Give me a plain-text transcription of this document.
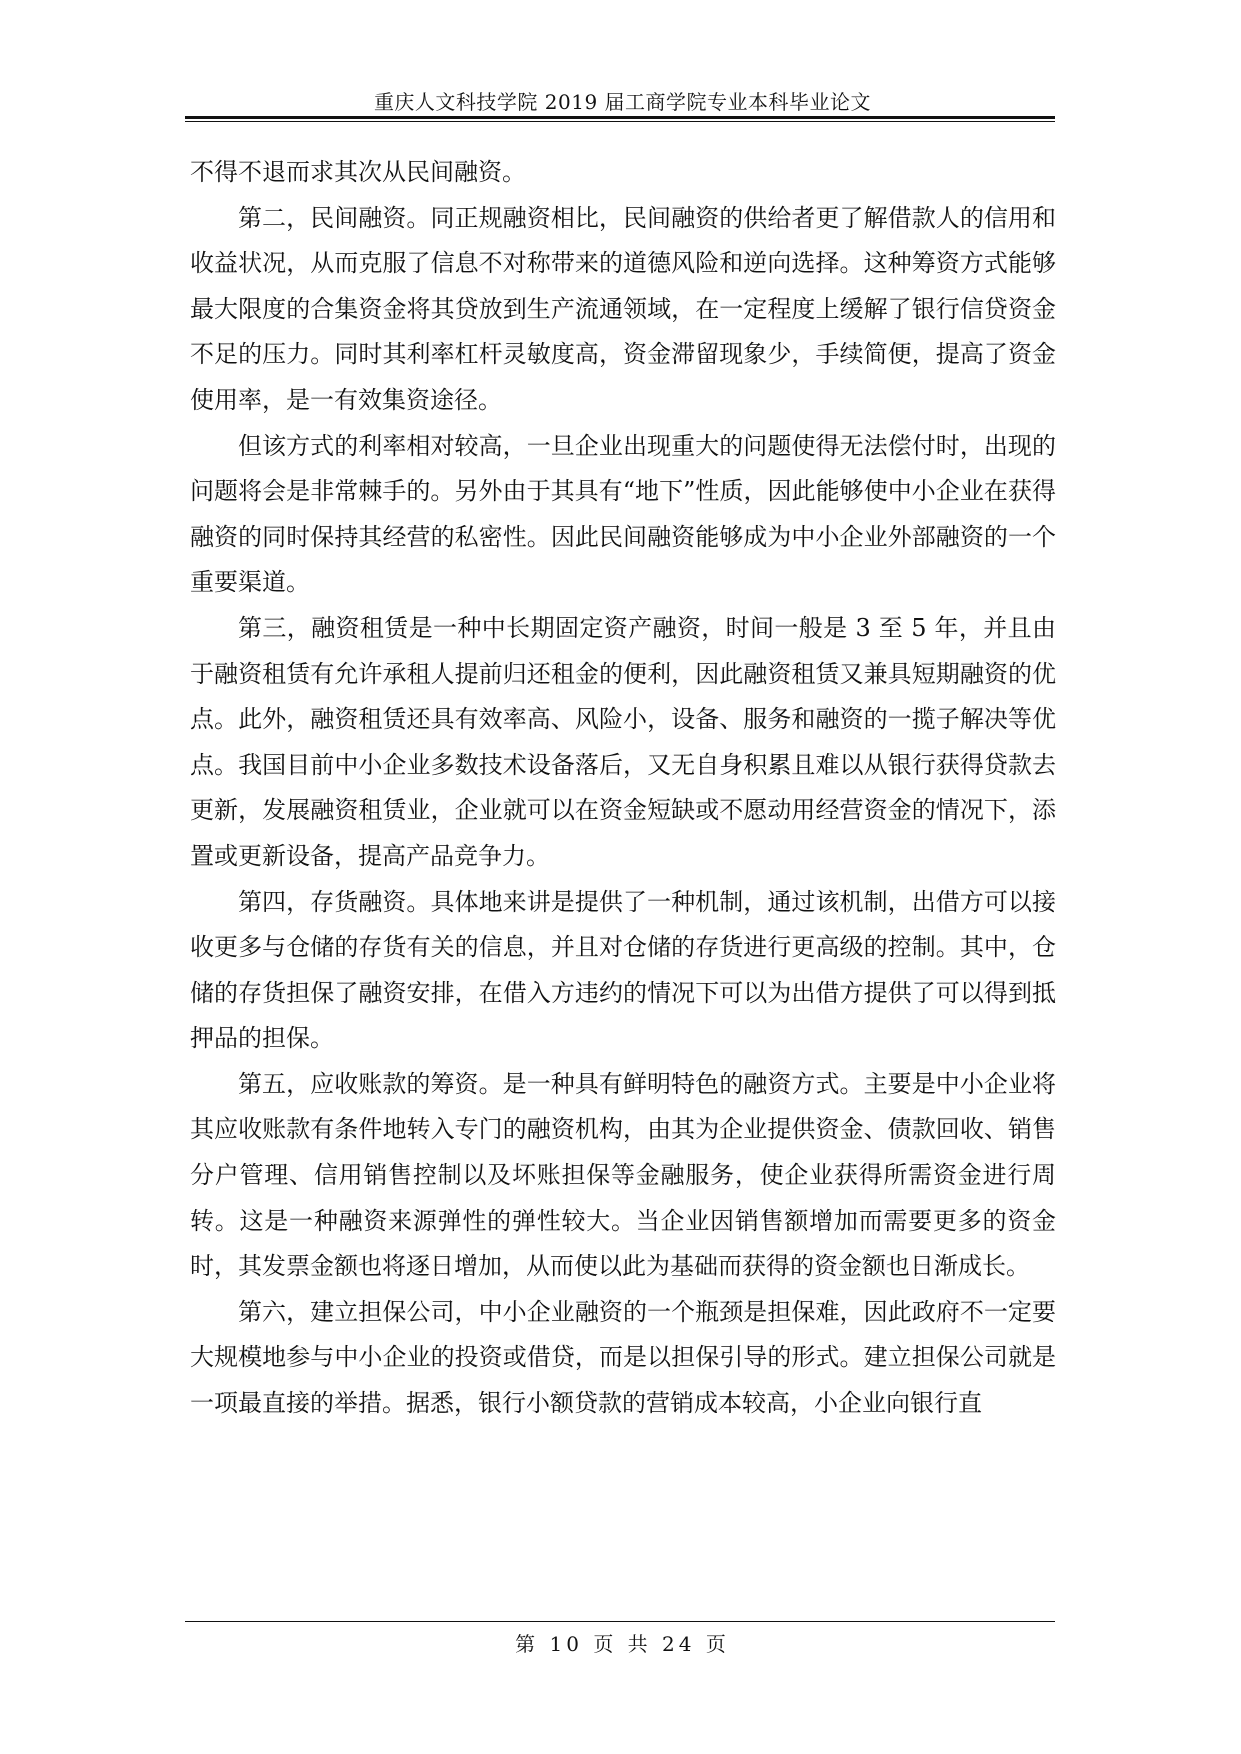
重庆人文科技学院 2019 届工商学院专业本科毕业论文

不得不退而求其次从民间融资。

第二，民间融资。同正规融资相比，民间融资的供给者更了解借款人的信用和收益状况，从而克服了信息不对称带来的道德风险和逆向选择。这种筹资方式能够最大限度的合集资金将其贷放到生产流通领域，在一定程度上缓解了银行信贷资金不足的压力。同时其利率杠杆灵敏度高，资金滞留现象少，手续简便，提高了资金使用率，是一有效集资途径。

但该方式的利率相对较高，一旦企业出现重大的问题使得无法偿付时，出现的问题将会是非常棘手的。另外由于其具有“地下”性质，因此能够使中小企业在获得融资的同时保持其经营的私密性。因此民间融资能够成为中小企业外部融资的一个重要渠道。

第三，融资租赁是一种中长期固定资产融资，时间一般是 3 至 5 年，并且由于融资租赁有允许承租人提前归还租金的便利，因此融资租赁又兼具短期融资的优点。此外，融资租赁还具有效率高、风险小，设备、服务和融资的一揽子解决等优点。我国目前中小企业多数技术设备落后，又无自身积累且难以从银行获得贷款去更新，发展融资租赁业，企业就可以在资金短缺或不愿动用经营资金的情况下，添置或更新设备，提高产品竞争力。

第四，存货融资。具体地来讲是提供了一种机制，通过该机制，出借方可以接收更多与仓储的存货有关的信息，并且对仓储的存货进行更高级的控制。其中，仓储的存货担保了融资安排，在借入方违约的情况下可以为出借方提供了可以得到抵押品的担保。

第五，应收账款的筹资。是一种具有鲜明特色的融资方式。主要是中小企业将其应收账款有条件地转入专门的融资机构，由其为企业提供资金、债款回收、销售分户管理、信用销售控制以及坏账担保等金融服务，使企业获得所需资金进行周转。这是一种融资来源弹性的弹性较大。当企业因销售额增加而需要更多的资金时，其发票金额也将逐日增加，从而使以此为基础而获得的资金额也日渐成长。

第六，建立担保公司，中小企业融资的一个瓶颈是担保难，因此政府不一定要大规模地参与中小企业的投资或借贷，而是以担保引导的形式。建立担保公司就是一项最直接的举措。据悉，银行小额贷款的营销成本较高，小企业向银行直

第 10 页 共 24 页
